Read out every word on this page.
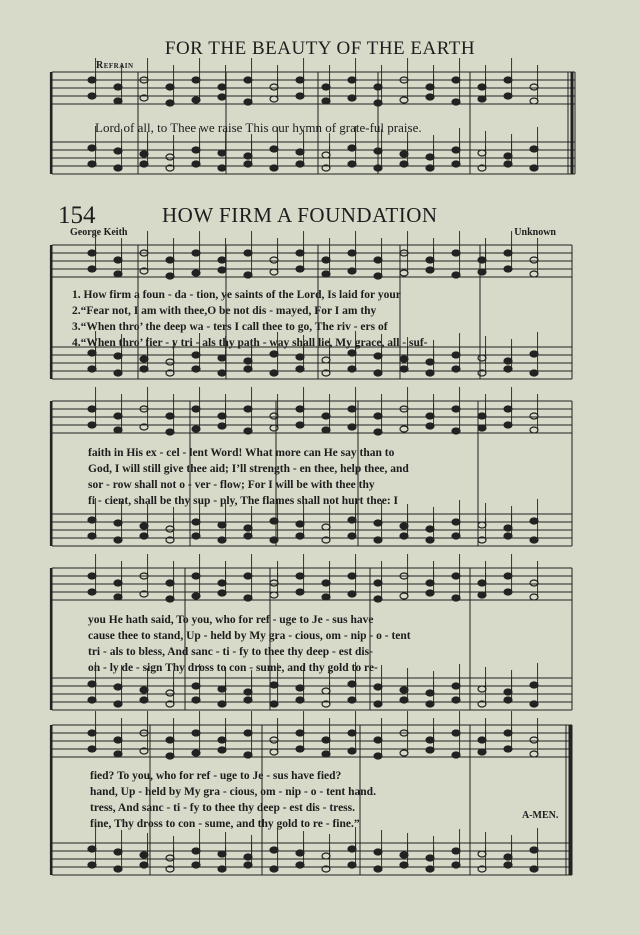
FOR THE BEAUTY OF THE EARTH
Refrain
Lord of all, to Thee we raise This our hymn of grate-ful praise.
154	HOW FIRM A FOUNDATION
George Keith	Unknown
1. How firm a foun - da - tion, ye saints of the Lord, Is laid for your
2.“Fear not, I am with thee,O be not dis - mayed, For I am thy
3.“When thro’ the deep wa - ters I call thee to go, The riv - ers of
4.“When thro’ fier - y tri - als thy path - way shall lie, My grace, all - suf-
faith in His ex - cel - lent Word! What more can He say than to
God, I will still give thee aid; I’ll strength - en thee, help thee, and
sor - row shall not o - ver - flow; For I will be with thee thy
fi - cient, shall be thy sup - ply, The flames shall not hurt thee: I
you He hath said, To you, who for ref - uge to Je - sus have
cause thee to stand, Up - held by My gra - cious, om - nip - o - tent
tri - als to bless, And sanc - ti - fy to thee thy deep - est dis-
on - ly de - sign Thy dross to con - sume, and thy gold to re-
fied? To you, who for ref - uge to Je - sus have fied?
hand, Up - held by My gra - cious, om - nip - o - tent hand.
tress, And sanc - ti - fy to thee thy deep - est dis - tress.
fine, Thy dross to con - sume, and thy gold to re - fine.”
A-MEN.
